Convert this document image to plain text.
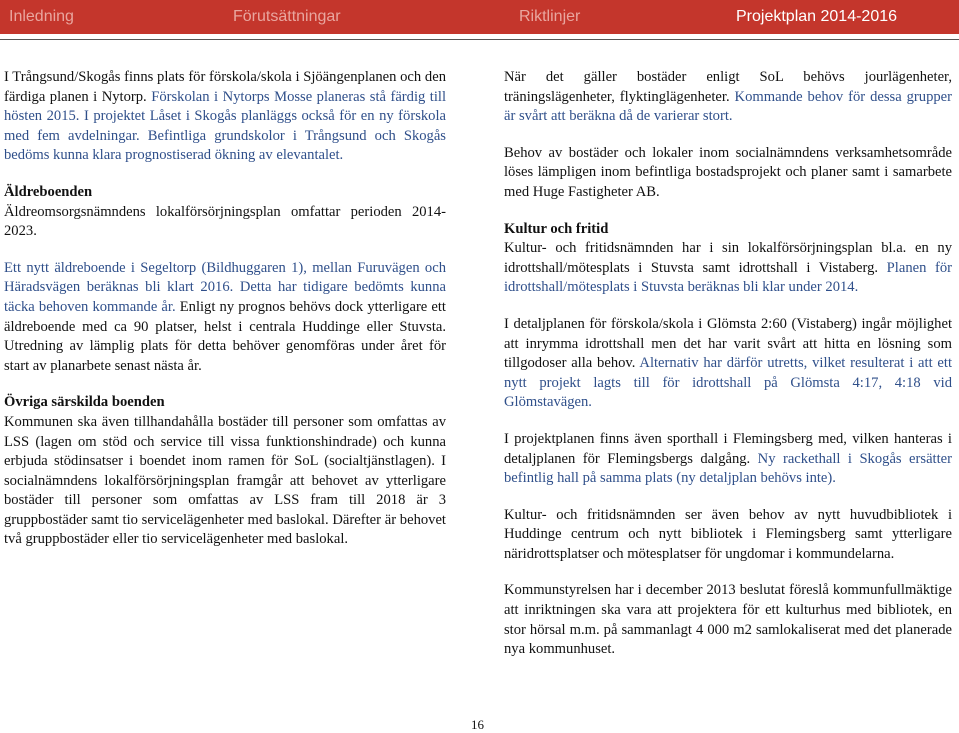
Inledning	Förutsättningar	Riktlinjer	Projektplan 2014-2016

I Trångsund/Skogås finns plats för förskola/skola i Sjöängenplanen och den färdiga planen i Nytorp. Förskolan i Nytorps Mosse planeras stå färdig till hösten 2015. I projektet Låset i Skogås planläggs också för en ny förskola med fem avdelningar. Befintliga grundskolor i Trångsund och Skogås bedöms kunna klara prognostiserad ökning av elevantalet.

Äldreboenden

Äldreomsorgsnämndens lokalförsörjningsplan omfattar perioden 2014-2023.

Ett nytt äldreboende i Segeltorp (Bildhuggaren 1), mellan Furuvägen och Häradsvägen beräknas bli klart 2016. Detta har tidigare bedömts kunna täcka behoven kommande år. Enligt ny prognos behövs dock ytterligare ett äldreboende med ca 90 platser, helst i centrala Huddinge eller Stuvsta. Utredning av lämplig plats för detta behöver genomföras under året för start av planarbete senast nästa år.

Övriga särskilda boenden

Kommunen ska även tillhandahålla bostäder till personer som omfattas av LSS (lagen om stöd och service till vissa funktionshindrade) och kunna erbjuda stödinsatser i boendet inom ramen för SoL (socialtjänstlagen). I socialnämndens lokalförsörjningsplan framgår att behovet av ytterligare bostäder till personer som omfattas av LSS fram till 2018 är 3 gruppbostäder samt tio servicelägenheter med baslokal. Därefter är behovet två gruppbostäder eller tio servicelägenheter med baslokal.

När det gäller bostäder enligt SoL behövs jourlägenheter, träningslägenheter, flyktinglägenheter. Kommande behov för dessa grupper är svårt att beräkna då de varierar stort.

Behov av bostäder och lokaler inom socialnämndens verksamhetsområde löses lämpligen inom befintliga bostadsprojekt och planer samt i samarbete med Huge Fastigheter AB.

Kultur och fritid

Kultur- och fritidsnämnden har i sin lokalförsörjningsplan bl.a. en ny idrottshall/mötesplats i Stuvsta samt idrottshall i Vistaberg. Planen för idrottshall/mötesplats i Stuvsta beräknas bli klar under 2014.

I detaljplanen för förskola/skola i Glömsta 2:60 (Vistaberg) ingår möjlighet att inrymma idrottshall men det har varit svårt att hitta en lösning som tillgodoser alla behov. Alternativ har därför utretts, vilket resulterat i att ett nytt projekt lagts till för idrottshall på Glömsta 4:17, 4:18 vid Glömstavägen.

I projektplanen finns även sporthall i Flemingsberg med, vilken hanteras i detaljplanen för Flemingsbergs dalgång. Ny rackethall i Skogås ersätter befintlig hall på samma plats (ny detaljplan behövs inte).

Kultur- och fritidsnämnden ser även behov av nytt huvudbibliotek i Huddinge centrum och nytt bibliotek i Flemingsberg samt ytterligare näridrottsplatser och mötesplatser för ungdomar i kommundelarna.

Kommunstyrelsen har i december 2013 beslutat föreslå kommunfullmäktige att inriktningen ska vara att projektera för ett kulturhus med bibliotek, en stor hörsal m.m. på sammanlagt 4 000 m2 samlokaliserat med det planerade nya kommunhuset.

16
